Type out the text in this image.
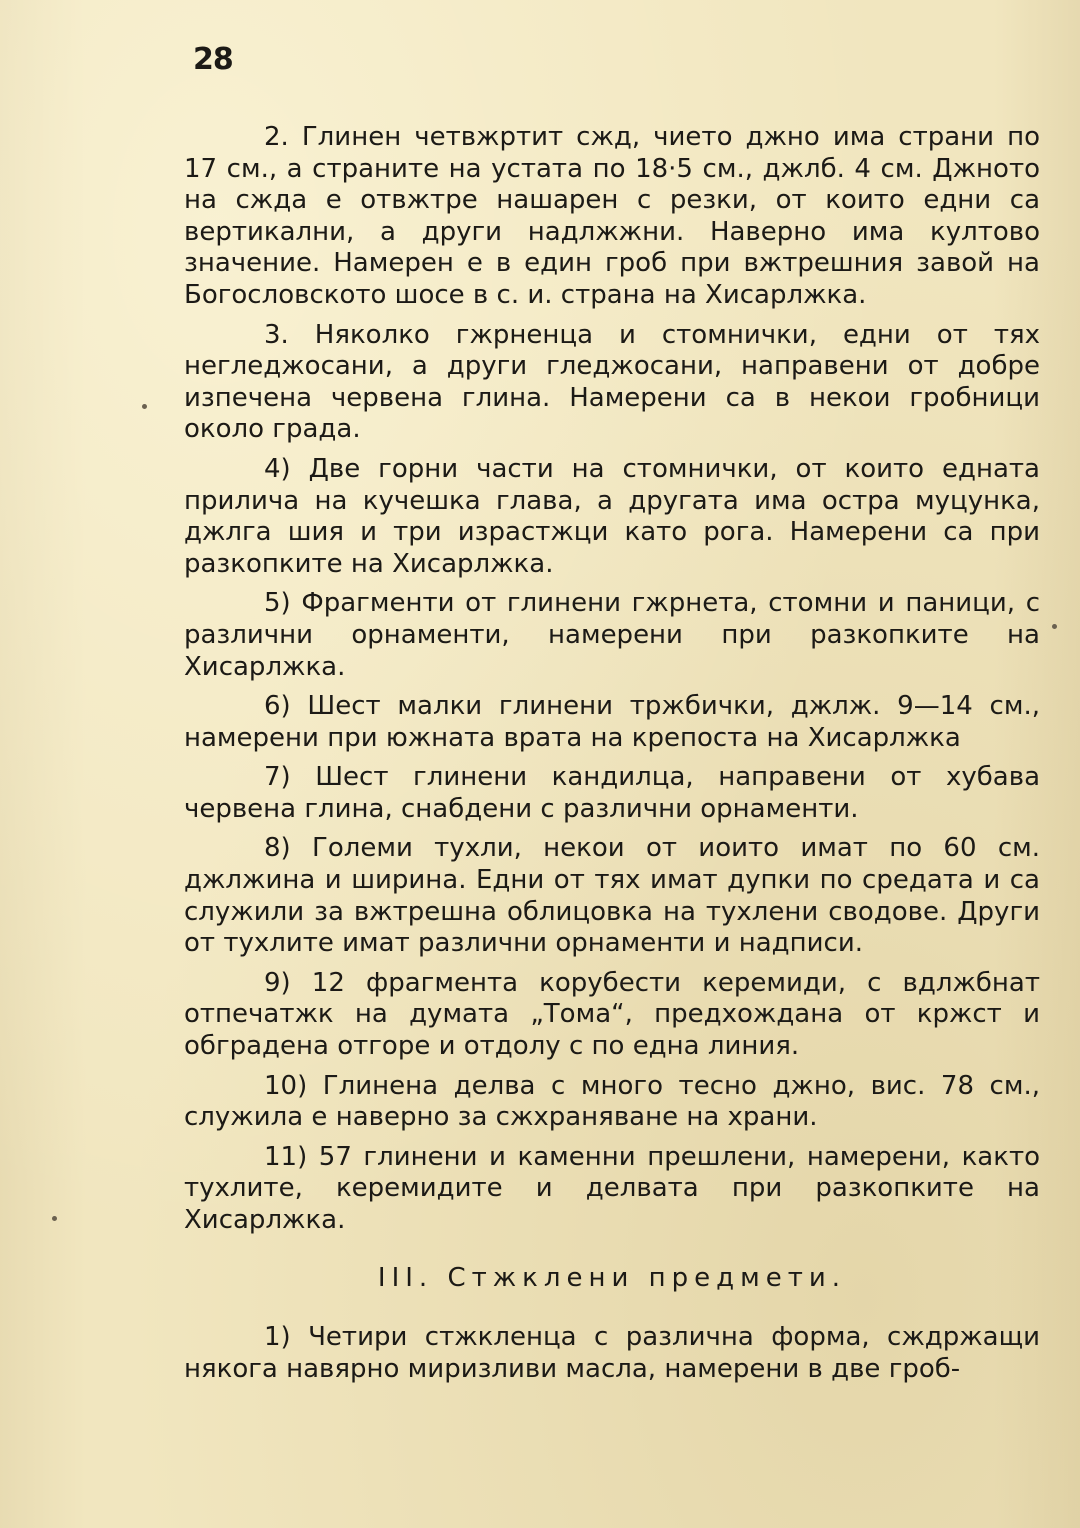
28

2. Глинен четвжртит сжд, чието джно има страни по 17 см., а страните на устата по 18·5 см., джлб. 4 см. Джното на сжда е отвжтре нашарен с резки, от които едни са вертикални, а други надлжжни. Наверно има култово значение. Намерен е в един гроб при вжтрешния завой на Богословското шосе в с. и. страна на Хисарлжка.

3. Няколко гжрненца и стомнички, едни от тях негледжосани, а други гледжосани, направени от добре изпечена червена глина. Намерени са в некои гробници около града.

4) Две горни части на стомнички, от които едната прилича на кучешка глава, а другата има остра муцунка, джлга шия и три израстжци като рога. Намерени са при разкопките на Хисарлжка.

5) Фрагменти от глинени гжрнета, стомни и паници, с различни орнаменти, намерени при разкопките на Хисарлжка.

6) Шест малки глинени тржбички, джлж. 9—14 см., намерени при южната врата на крепоста на Хисарлжка

7) Шест глинени кандилца, направени от хубава червена глина, снабдени с различни орнаменти.

8) Големи тухли, некои от иоито имат по 60 см. джлжина и ширина. Едни от тях имат дупки по средата и са служили за вжтрешна облицовка на тухлени сводове. Други от тухлите имат различни орнаменти и надписи.

9) 12 фрагмента корубести керемиди, с вдлжбнат отпечатжк на думата „Тома“, предхождана от кржст и обградена отгоре и отдолу с по една линия.

10) Глинена делва с много тесно джно, вис. 78 см., служила е наверно за сжхраняване на храни.

11) 57 глинени и каменни прешлени, намерени, както тухлите, керемидите и делвата при разкопките на Хисарлжка.

III. Стжклени предмети.

1) Четири стжкленца с различна форма, сждржащи някога навярно миризливи масла, намерени в две гроб-
